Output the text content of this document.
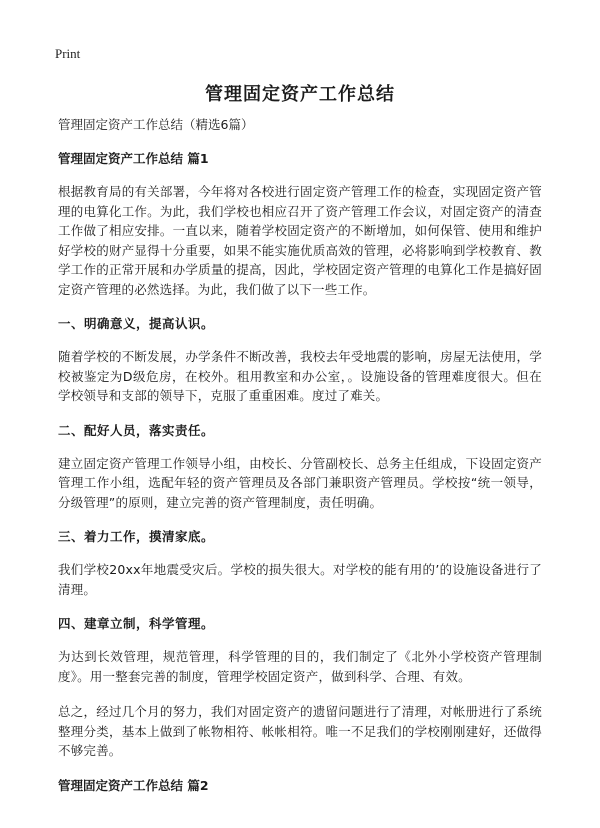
Print
管理固定资产工作总结

管理固定资产工作总结（精选6篇）

管理固定资产工作总结 篇1

根据教育局的有关部署，今年将对各校进行固定资产管理工作的检查，实现固定资产管理的电算化工作。为此，我们学校也相应召开了资产管理工作会议，对固定资产的清查工作做了相应安排。一直以来，随着学校固定资产的不断增加，如何保管、使用和维护好学校的财产显得十分重要，如果不能实施优质高效的管理，必将影响到学校教育、教学工作的正常开展和办学质量的提高，因此，学校固定资产管理的电算化工作是搞好固定资产管理的必然选择。为此，我们做了以下一些工作。

一、明确意义，提高认识。

随着学校的不断发展，办学条件不断改善，我校去年受地震的影响，房屋无法使用，学校被鉴定为D级危房，在校外。租用教室和办公室，。设施设备的管理难度很大。但在学校领导和支部的领导下，克服了重重困难。度过了难关。

二、配好人员，落实责任。

建立固定资产管理工作领导小组，由校长、分管副校长、总务主任组成，下设固定资产管理工作小组，选配年轻的资产管理员及各部门兼职资产管理员。学校按“统一领导，分级管理”的原则，建立完善的资产管理制度，责任明确。

三、着力工作，摸清家底。

我们学校20xx年地震受灾后。学校的损失很大。对学校的能有用的’的设施设备进行了清理。

四、建章立制，科学管理。

为达到长效管理，规范管理，科学管理的目的，我们制定了《北外小学校资产管理制度》。用一整套完善的制度，管理学校固定资产，做到科学、合理、有效。

总之，经过几个月的努力，我们对固定资产的遗留问题进行了清理，对帐册进行了系统整理分类，基本上做到了帐物相符、帐帐相符。唯一不足我们的学校刚刚建好，还做得不够完善。

管理固定资产工作总结 篇2
